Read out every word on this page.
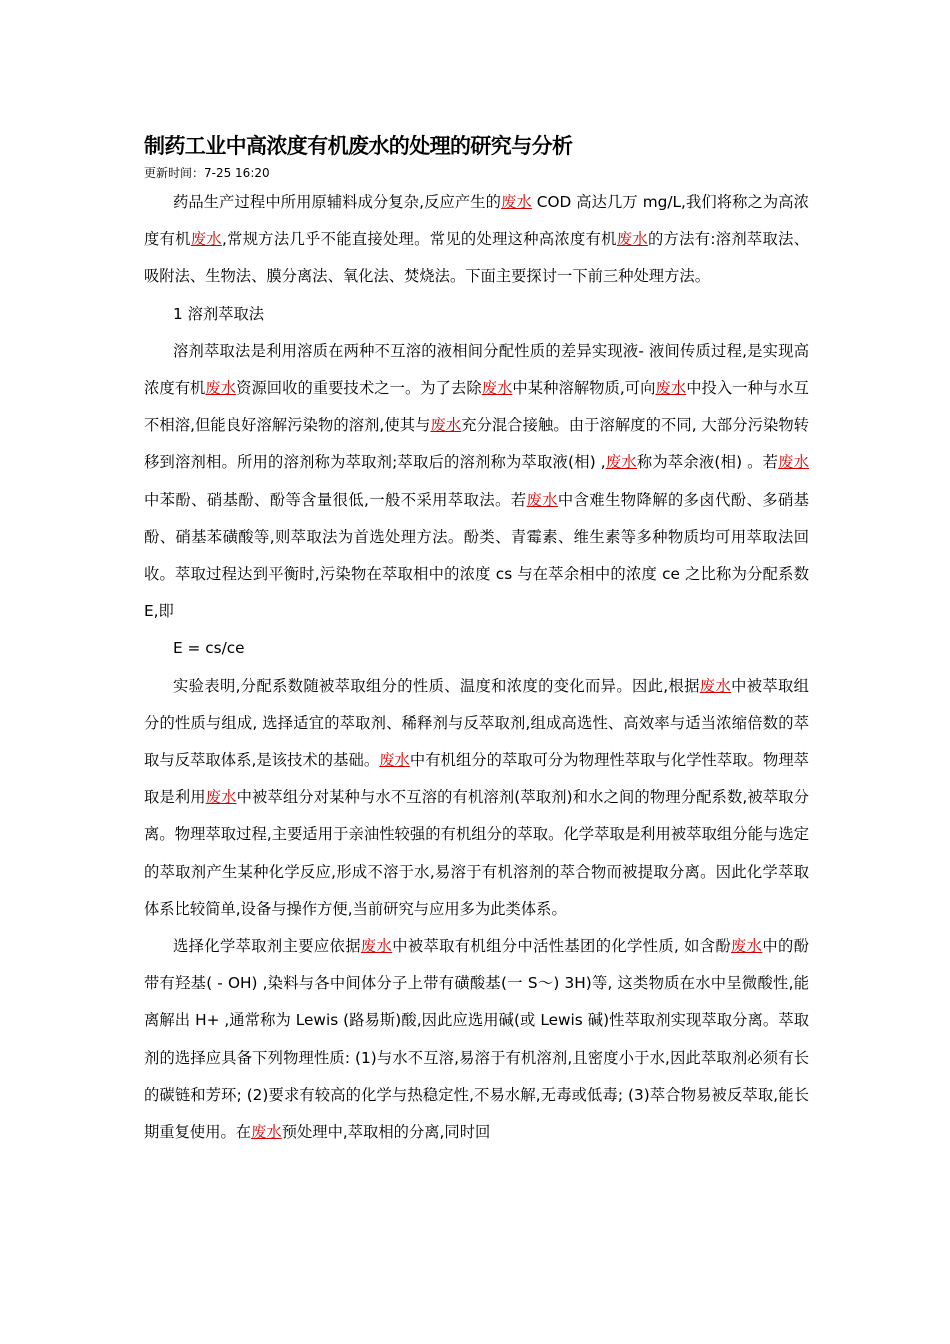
制药工业中高浓度有机废水的处理的研究与分析
更新时间：7-25 16:20

药品生产过程中所用原辅料成分复杂,反应产生的废水 COD 高达几万 mg/L,我们将称之为高浓度有机废水,常规方法几乎不能直接处理。常见的处理这种高浓度有机废水的方法有:溶剂萃取法、吸附法、生物法、膜分离法、氧化法、焚烧法。下面主要探讨一下前三种处理方法。

1 溶剂萃取法

溶剂萃取法是利用溶质在两种不互溶的液相间分配性质的差异实现液- 液间传质过程,是实现高浓度有机废水资源回收的重要技术之一。为了去除废水中某种溶解物质,可向废水中投入一种与水互不相溶,但能良好溶解污染物的溶剂,使其与废水充分混合接触。由于溶解度的不同, 大部分污染物转移到溶剂相。所用的溶剂称为萃取剂;萃取后的溶剂称为萃取液(相) ,废水称为萃余液(相) 。若废水中苯酚、硝基酚、酚等含量很低,一般不采用萃取法。若废水中含难生物降解的多卤代酚、多硝基酚、硝基苯磺酸等,则萃取法为首选处理方法。酚类、青霉素、维生素等多种物质均可用萃取法回收。萃取过程达到平衡时,污染物在萃取相中的浓度 cs 与在萃余相中的浓度 ce 之比称为分配系数 E,即

E = cs/ce

实验表明,分配系数随被萃取组分的性质、温度和浓度的变化而异。因此,根据废水中被萃取组分的性质与组成, 选择适宜的萃取剂、稀释剂与反萃取剂,组成高选性、高效率与适当浓缩倍数的萃取与反萃取体系,是该技术的基础。废水中有机组分的萃取可分为物理性萃取与化学性萃取。物理萃取是利用废水中被萃组分对某种与水不互溶的有机溶剂(萃取剂)和水之间的物理分配系数,被萃取分离。物理萃取过程,主要适用于亲油性较强的有机组分的萃取。化学萃取是利用被萃取组分能与选定的萃取剂产生某种化学反应,形成不溶于水,易溶于有机溶剂的萃合物而被提取分离。因此化学萃取体系比较简单,设备与操作方便,当前研究与应用多为此类体系。

选择化学萃取剂主要应依据废水中被萃取有机组分中活性基团的化学性质, 如含酚废水中的酚带有羟基( - OH) ,染料与各中间体分子上带有磺酸基(一 S～) 3H)等, 这类物质在水中呈微酸性,能离解出 H+ ,通常称为 Lewis (路易斯)酸,因此应选用碱(或 Lewis 碱)性萃取剂实现萃取分离。萃取剂的选择应具备下列物理性质: (1)与水不互溶,易溶于有机溶剂,且密度小于水,因此萃取剂必须有长的碳链和芳环; (2)要求有较高的化学与热稳定性,不易水解,无毒或低毒; (3)萃合物易被反萃取,能长期重复使用。在废水预处理中,萃取相的分离,同时回
